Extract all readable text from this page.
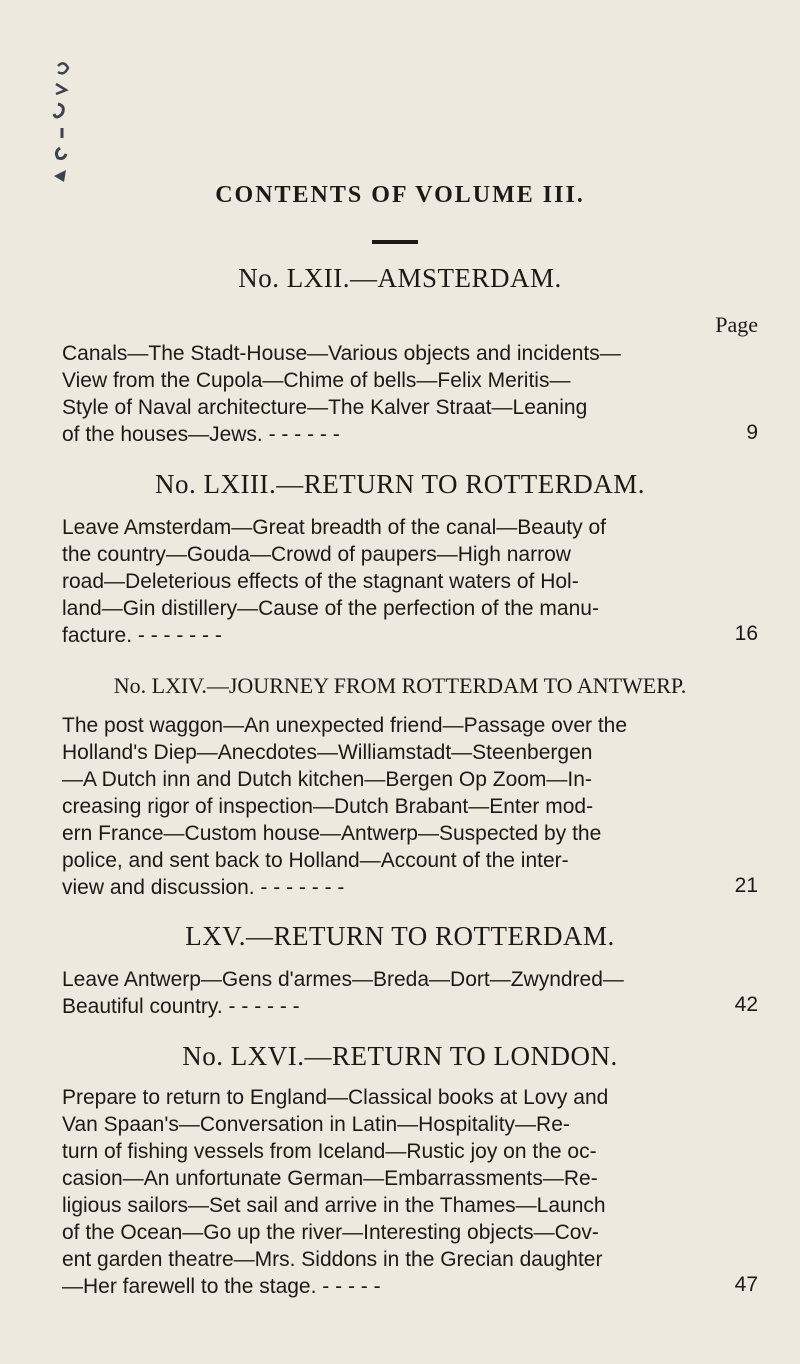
CONTENTS OF VOLUME III.
No. LXII.—AMSTERDAM.
Page
Canals—The Stadt-House—Various objects and incidents—
View from the Cupola—Chime of bells—Felix Meritis—
Style of Naval architecture—The Kalver Straat—Leaning
of the houses—Jews. - - - - - -	9
No. LXIII.—RETURN TO ROTTERDAM.
Leave Amsterdam—Great breadth of the canal—Beauty of
the country—Gouda—Crowd of paupers—High narrow
road—Deleterious effects of the stagnant waters of Hol-
land—Gin distillery—Cause of the perfection of the manu-
facture. - - - - - - -	16
No. LXIV.—JOURNEY FROM ROTTERDAM TO ANTWERP.
The post waggon—An unexpected friend—Passage over the
Holland's Diep—Anecdotes—Williamstadt—Steenbergen
—A Dutch inn and Dutch kitchen—Bergen Op Zoom—In-
creasing rigor of inspection—Dutch Brabant—Enter mod-
ern France—Custom house—Antwerp—Suspected by the
police, and sent back to Holland—Account of the inter-
view and discussion. - - - - - - -	21
LXV.—RETURN TO ROTTERDAM.
Leave Antwerp—Gens d'armes—Breda—Dort—Zwyndred—
Beautiful country. - - - - - -	42
No. LXVI.—RETURN TO LONDON.
Prepare to return to England—Classical books at Lovy and
Van Spaan's—Conversation in Latin—Hospitality—Re-
turn of fishing vessels from Iceland—Rustic joy on the oc-
casion—An unfortunate German—Embarrassments—Re-
ligious sailors—Set sail and arrive in the Thames—Launch
of the Ocean—Go up the river—Interesting objects—Cov-
ent garden theatre—Mrs. Siddons in the Grecian daughter
—Her farewell to the stage. - - - - -	47
